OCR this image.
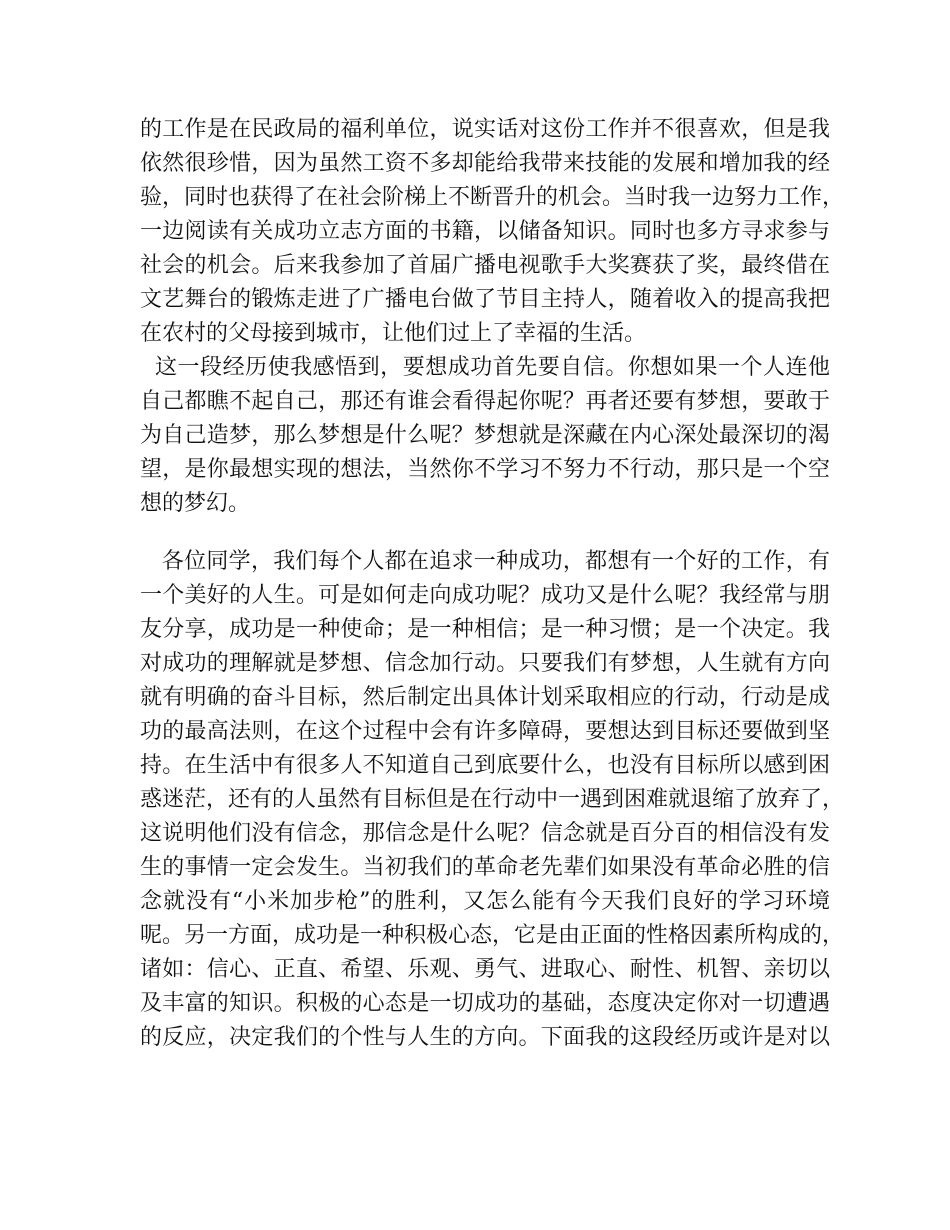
的工作是在民政局的福利单位，说实话对这份工作并不很喜欢，但是我
依然很珍惜，因为虽然工资不多却能给我带来技能的发展和增加我的经
验，同时也获得了在社会阶梯上不断晋升的机会。当时我一边努力工作，
一边阅读有关成功立志方面的书籍，以储备知识。同时也多方寻求参与
社会的机会。后来我参加了首届广播电视歌手大奖赛获了奖，最终借在
文艺舞台的锻炼走进了广播电台做了节目主持人，随着收入的提高我把
在农村的父母接到城市，让他们过上了幸福的生活。
这一段经历使我感悟到，要想成功首先要自信。你想如果一个人连他
自己都瞧不起自己，那还有谁会看得起你呢？再者还要有梦想，要敢于
为自己造梦，那么梦想是什么呢？梦想就是深藏在内心深处最深切的渴
望，是你最想实现的想法，当然你不学习不努力不行动，那只是一个空
想的梦幻。
各位同学，我们每个人都在追求一种成功，都想有一个好的工作，有
一个美好的人生。可是如何走向成功呢？成功又是什么呢？我经常与朋
友分享，成功是一种使命；是一种相信；是一种习惯；是一个决定。我
对成功的理解就是梦想、信念加行动。只要我们有梦想，人生就有方向
就有明确的奋斗目标，然后制定出具体计划采取相应的行动，行动是成
功的最高法则，在这个过程中会有许多障碍，要想达到目标还要做到坚
持。在生活中有很多人不知道自己到底要什么，也没有目标所以感到困
惑迷茫，还有的人虽然有目标但是在行动中一遇到困难就退缩了放弃了，
这说明他们没有信念，那信念是什么呢？信念就是百分百的相信没有发
生的事情一定会发生。当初我们的革命老先辈们如果没有革命必胜的信
念就没有“小米加步枪”的胜利，又怎么能有今天我们良好的学习环境
呢。另一方面，成功是一种积极心态，它是由正面的性格因素所构成的，
诸如：信心、正直、希望、乐观、勇气、进取心、耐性、机智、亲切以
及丰富的知识。积极的心态是一切成功的基础，态度决定你对一切遭遇
的反应，决定我们的个性与人生的方向。下面我的这段经历或许是对以
